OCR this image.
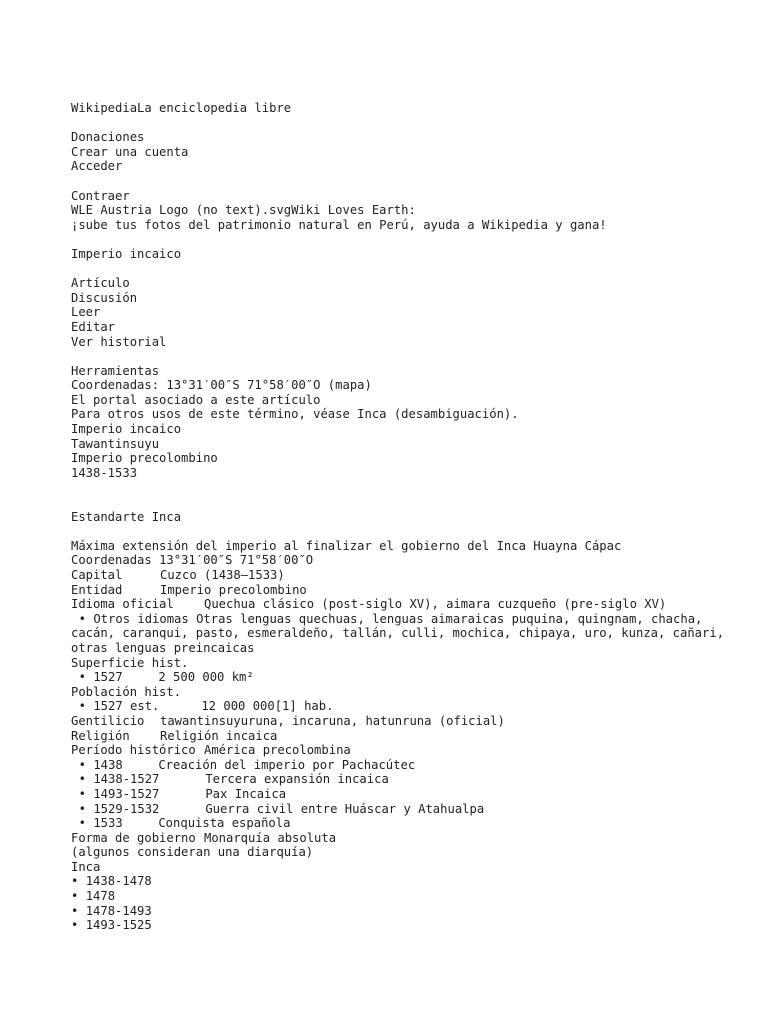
WikipediaLa enciclopedia libre
Donaciones
Crear una cuenta
Acceder
Contraer
WLE Austria Logo (no text).svgWiki Loves Earth:
¡sube tus fotos del patrimonio natural en Perú, ayuda a Wikipedia y gana!
Imperio incaico
Artículo
Discusión
Leer
Editar
Ver historial
Herramientas
Coordenadas: 13°31′00″S 71°58′00″O (mapa)
El portal asociado a este artículo
Para otros usos de este término, véase Inca (desambiguación).
Imperio incaico
Tawantinsuyu
Imperio precolombino
1438-1533
Estandarte Inca
Máxima extensión del imperio al finalizar el gobierno del Inca Huayna Cápac
Coordenadas
13°31′00″S 71°58′00″O
Capital	Cuzco (1438–1533)
Entidad	Imperio precolombino
Idioma oficial	Quechua clásico (post-siglo XV), aimara cuzqueño (pre-siglo XV)
• Otros idiomas Otras lenguas quechuas, lenguas aimaraicas puquina, quingnam, chacha, cacán, caranqui, pasto, esmeraldeño, tallán, culli, mochica, chipaya, uro, kunza, cañari, otras lenguas preincaicas
Superficie hist.
•
1527	2 500 000 km²
Población hist.
•
1527 est.	12 000 000[1] hab.
Gentilicio	tawantinsuyuruna, incaruna, hatunruna (oficial)
Religión	Religión incaica
Período histórico América precolombina
•
1438	Creación del imperio por Pachacútec
•
1438-1527	Tercera expansión incaica
•
1493-1527	Pax Incaica
•
1529-1532	Guerra civil entre Huáscar y Atahualpa
•
1533	Conquista española
Forma de gobierno Monarquía absoluta
(algunos consideran una diarquía)
Inca
•
1438-1478
•
1478
•
1478-1493
•
1493-1525
